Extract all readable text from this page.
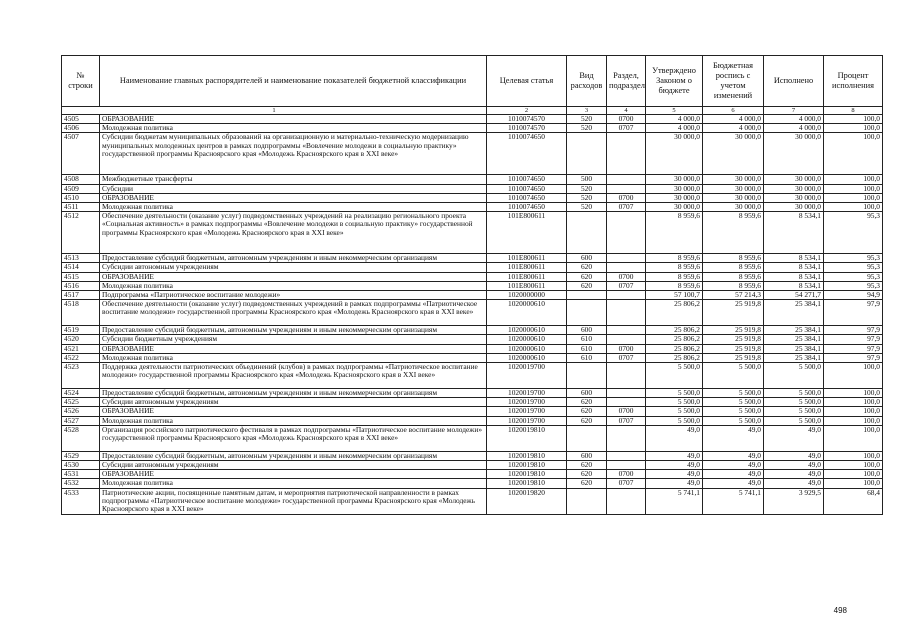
№ строки	Наименование главных распорядителей и наименование показателей бюджетной классификации	Целевая статья	Вид расходов	Раздел, подраздел	Утверждено Законом о бюджете	Бюджетная роспись с учетом изменений	Исполнено	Процент исполнения
1		2	3	4	5	6	7	8
4505	ОБРАЗОВАНИЕ	1010074570	520	0700	4 000,0	4 000,0	4 000,0	100,0
4506	Молодежная политика	1010074570	520	0707	4 000,0	4 000,0	4 000,0	100,0
4507	Субсидии бюджетам муниципальных образований на организационную и материально-техническую модернизацию муниципальных молодежных центров в рамках подпрограммы «Вовлечение молодежи в социальную практику» государственной программы Красноярского края «Молодежь Красноярского края в XXI веке»	1010074650			30 000,0	30 000,0	30 000,0	100,0
4508	Межбюджетные трансферты	1010074650	500		30 000,0	30 000,0	30 000,0	100,0
4509	Субсидии	1010074650	520		30 000,0	30 000,0	30 000,0	100,0
4510	ОБРАЗОВАНИЕ	1010074650	520	0700	30 000,0	30 000,0	30 000,0	100,0
4511	Молодежная политика	1010074650	520	0707	30 000,0	30 000,0	30 000,0	100,0
4512	Обеспечение деятельности (оказание услуг) подведомственных учреждений на реализацию регионального проекта «Социальная активность» в рамках подпрограммы «Вовлечение молодежи в социальную практику» государственной программы Красноярского края «Молодежь Красноярского края в XXI веке»	101E800611			8 959,6	8 959,6	8 534,1	95,3
4513	Предоставление субсидий бюджетным, автономным учреждениям и иным некоммерческим организациям	101E800611	600		8 959,6	8 959,6	8 534,1	95,3
4514	Субсидии автономным учреждениям	101E800611	620		8 959,6	8 959,6	8 534,1	95,3
4515	ОБРАЗОВАНИЕ	101E800611	620	0700	8 959,6	8 959,6	8 534,1	95,3
4516	Молодежная политика	101E800611	620	0707	8 959,6	8 959,6	8 534,1	95,3
4517	Подпрограмма «Патриотическое воспитание молодежи»	1020000000			57 100,7	57 214,3	54 271,7	94,9
4518	Обеспечение деятельности (оказание услуг) подведомственных учреждений в рамках подпрограммы «Патриотическое воспитание молодежи» государственной программы Красноярского края «Молодежь Красноярского края в XXI веке»	1020000610			25 806,2	25 919,8	25 384,1	97,9
4519	Предоставление субсидий бюджетным, автономным учреждениям и иным некоммерческим организациям	1020000610	600		25 806,2	25 919,8	25 384,1	97,9
4520	Субсидии бюджетным учреждениям	1020000610	610		25 806,2	25 919,8	25 384,1	97,9
4521	ОБРАЗОВАНИЕ	1020000610	610	0700	25 806,2	25 919,8	25 384,1	97,9
4522	Молодежная политика	1020000610	610	0707	25 806,2	25 919,8	25 384,1	97,9
4523	Поддержка деятельности патриотических объединений (клубов) в рамках подпрограммы «Патриотическое воспитание молодежи» государственной программы Красноярского края «Молодежь Красноярского края в XXI веке»	1020019700			5 500,0	5 500,0	5 500,0	100,0
4524	Предоставление субсидий бюджетным, автономным учреждениям и иным некоммерческим организациям	1020019700	600		5 500,0	5 500,0	5 500,0	100,0
4525	Субсидии автономным учреждениям	1020019700	620		5 500,0	5 500,0	5 500,0	100,0
4526	ОБРАЗОВАНИЕ	1020019700	620	0700	5 500,0	5 500,0	5 500,0	100,0
4527	Молодежная политика	1020019700	620	0707	5 500,0	5 500,0	5 500,0	100,0
4528	Организация российского патриотического фестиваля в рамках подпрограммы «Патриотическое воспитание молодежи» государственной программы Красноярского края «Молодежь Красноярского края в XXI веке»	1020019810			49,0	49,0	49,0	100,0
4529	Предоставление субсидий бюджетным, автономным учреждениям и иным некоммерческим организациям	1020019810	600		49,0	49,0	49,0	100,0
4530	Субсидии автономным учреждениям	1020019810	620		49,0	49,0	49,0	100,0
4531	ОБРАЗОВАНИЕ	1020019810	620	0700	49,0	49,0	49,0	100,0
4532	Молодежная политика	1020019810	620	0707	49,0	49,0	49,0	100,0
4533	Патриотические акции, посвященные памятным датам, и мероприятия патриотической направленности в рамках подпрограммы «Патриотическое воспитание молодежи» государственной программы Красноярского края «Молодежь Красноярского края в XXI веке»	1020019820			5 741,1	5 741,1	3 929,5	68,4
498
